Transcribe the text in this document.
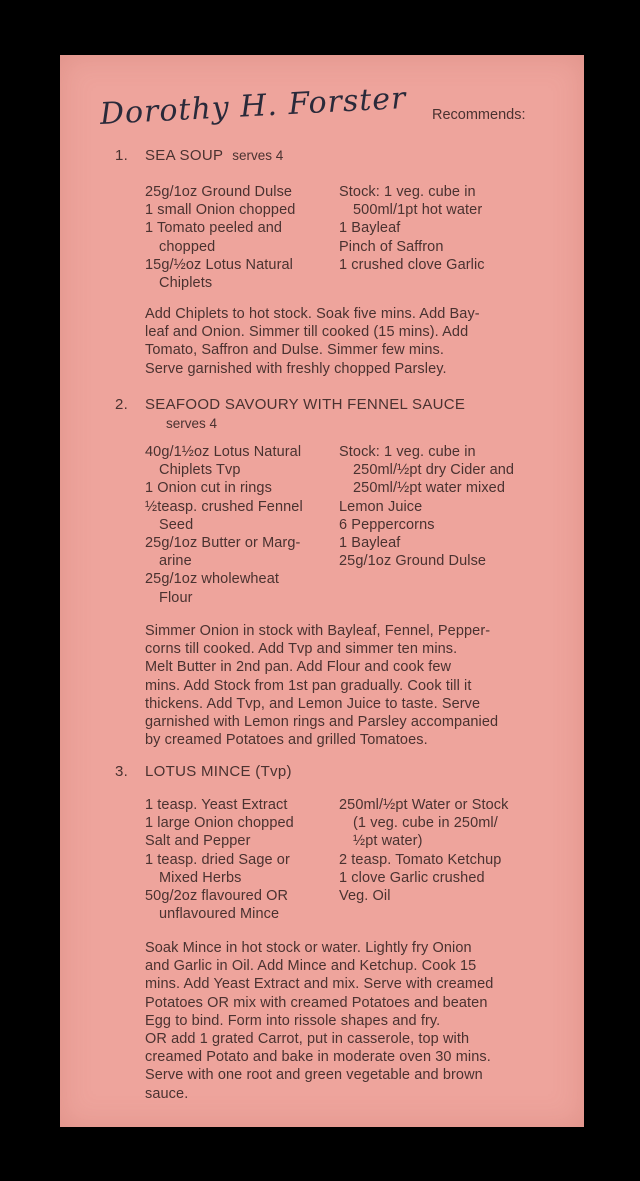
Dorothy H. Forster Recommends:
1. SEA SOUP serves 4
25g/1oz Ground Dulse
1 small Onion chopped
1 Tomato peeled and

chopped
15g/½oz Lotus Natural

Chiplets
Stock: 1 veg. cube in

500ml/1pt hot water
1 Bayleaf
Pinch of Saffron
1 crushed clove Garlic
Add Chiplets to hot stock. Soak five mins. Add Bay-
leaf and Onion. Simmer till cooked (15 mins). Add
Tomato, Saffron and Dulse. Simmer few mins.
Serve garnished with freshly chopped Parsley.
2. SEAFOOD SAVOURY WITH FENNEL SAUCE
serves 4
40g/1½oz Lotus Natural

Chiplets Tvp
1 Onion cut in rings
½teasp. crushed Fennel

Seed
25g/1oz Butter or Marg-

arine
25g/1oz wholewheat

Flour
Stock: 1 veg. cube in

250ml/½pt dry Cider and
250ml/½pt water mixed
Lemon Juice
6 Peppercorns
1 Bayleaf
25g/1oz Ground Dulse
Simmer Onion in stock with Bayleaf, Fennel, Pepper-
corns till cooked. Add Tvp and simmer ten mins.
Melt Butter in 2nd pan. Add Flour and cook few
mins. Add Stock from 1st pan gradually. Cook till it
thickens. Add Tvp, and Lemon Juice to taste. Serve
garnished with Lemon rings and Parsley accompanied
by creamed Potatoes and grilled Tomatoes.
3. LOTUS MINCE (Tvp)
1 teasp. Yeast Extract
1 large Onion chopped
Salt and Pepper
1 teasp. dried Sage or

Mixed Herbs
50g/2oz flavoured OR

unflavoured Mince
250ml/½pt Water or Stock

(1 veg. cube in 250ml/
½pt water)
2 teasp. Tomato Ketchup
1 clove Garlic crushed
Veg. Oil
Soak Mince in hot stock or water. Lightly fry Onion
and Garlic in Oil. Add Mince and Ketchup. Cook 15
mins. Add Yeast Extract and mix. Serve with creamed
Potatoes OR mix with creamed Potatoes and beaten
Egg to bind. Form into rissole shapes and fry.
OR add 1 grated Carrot, put in casserole, top with
creamed Potato and bake in moderate oven 30 mins.
Serve with one root and green vegetable and brown
sauce.
